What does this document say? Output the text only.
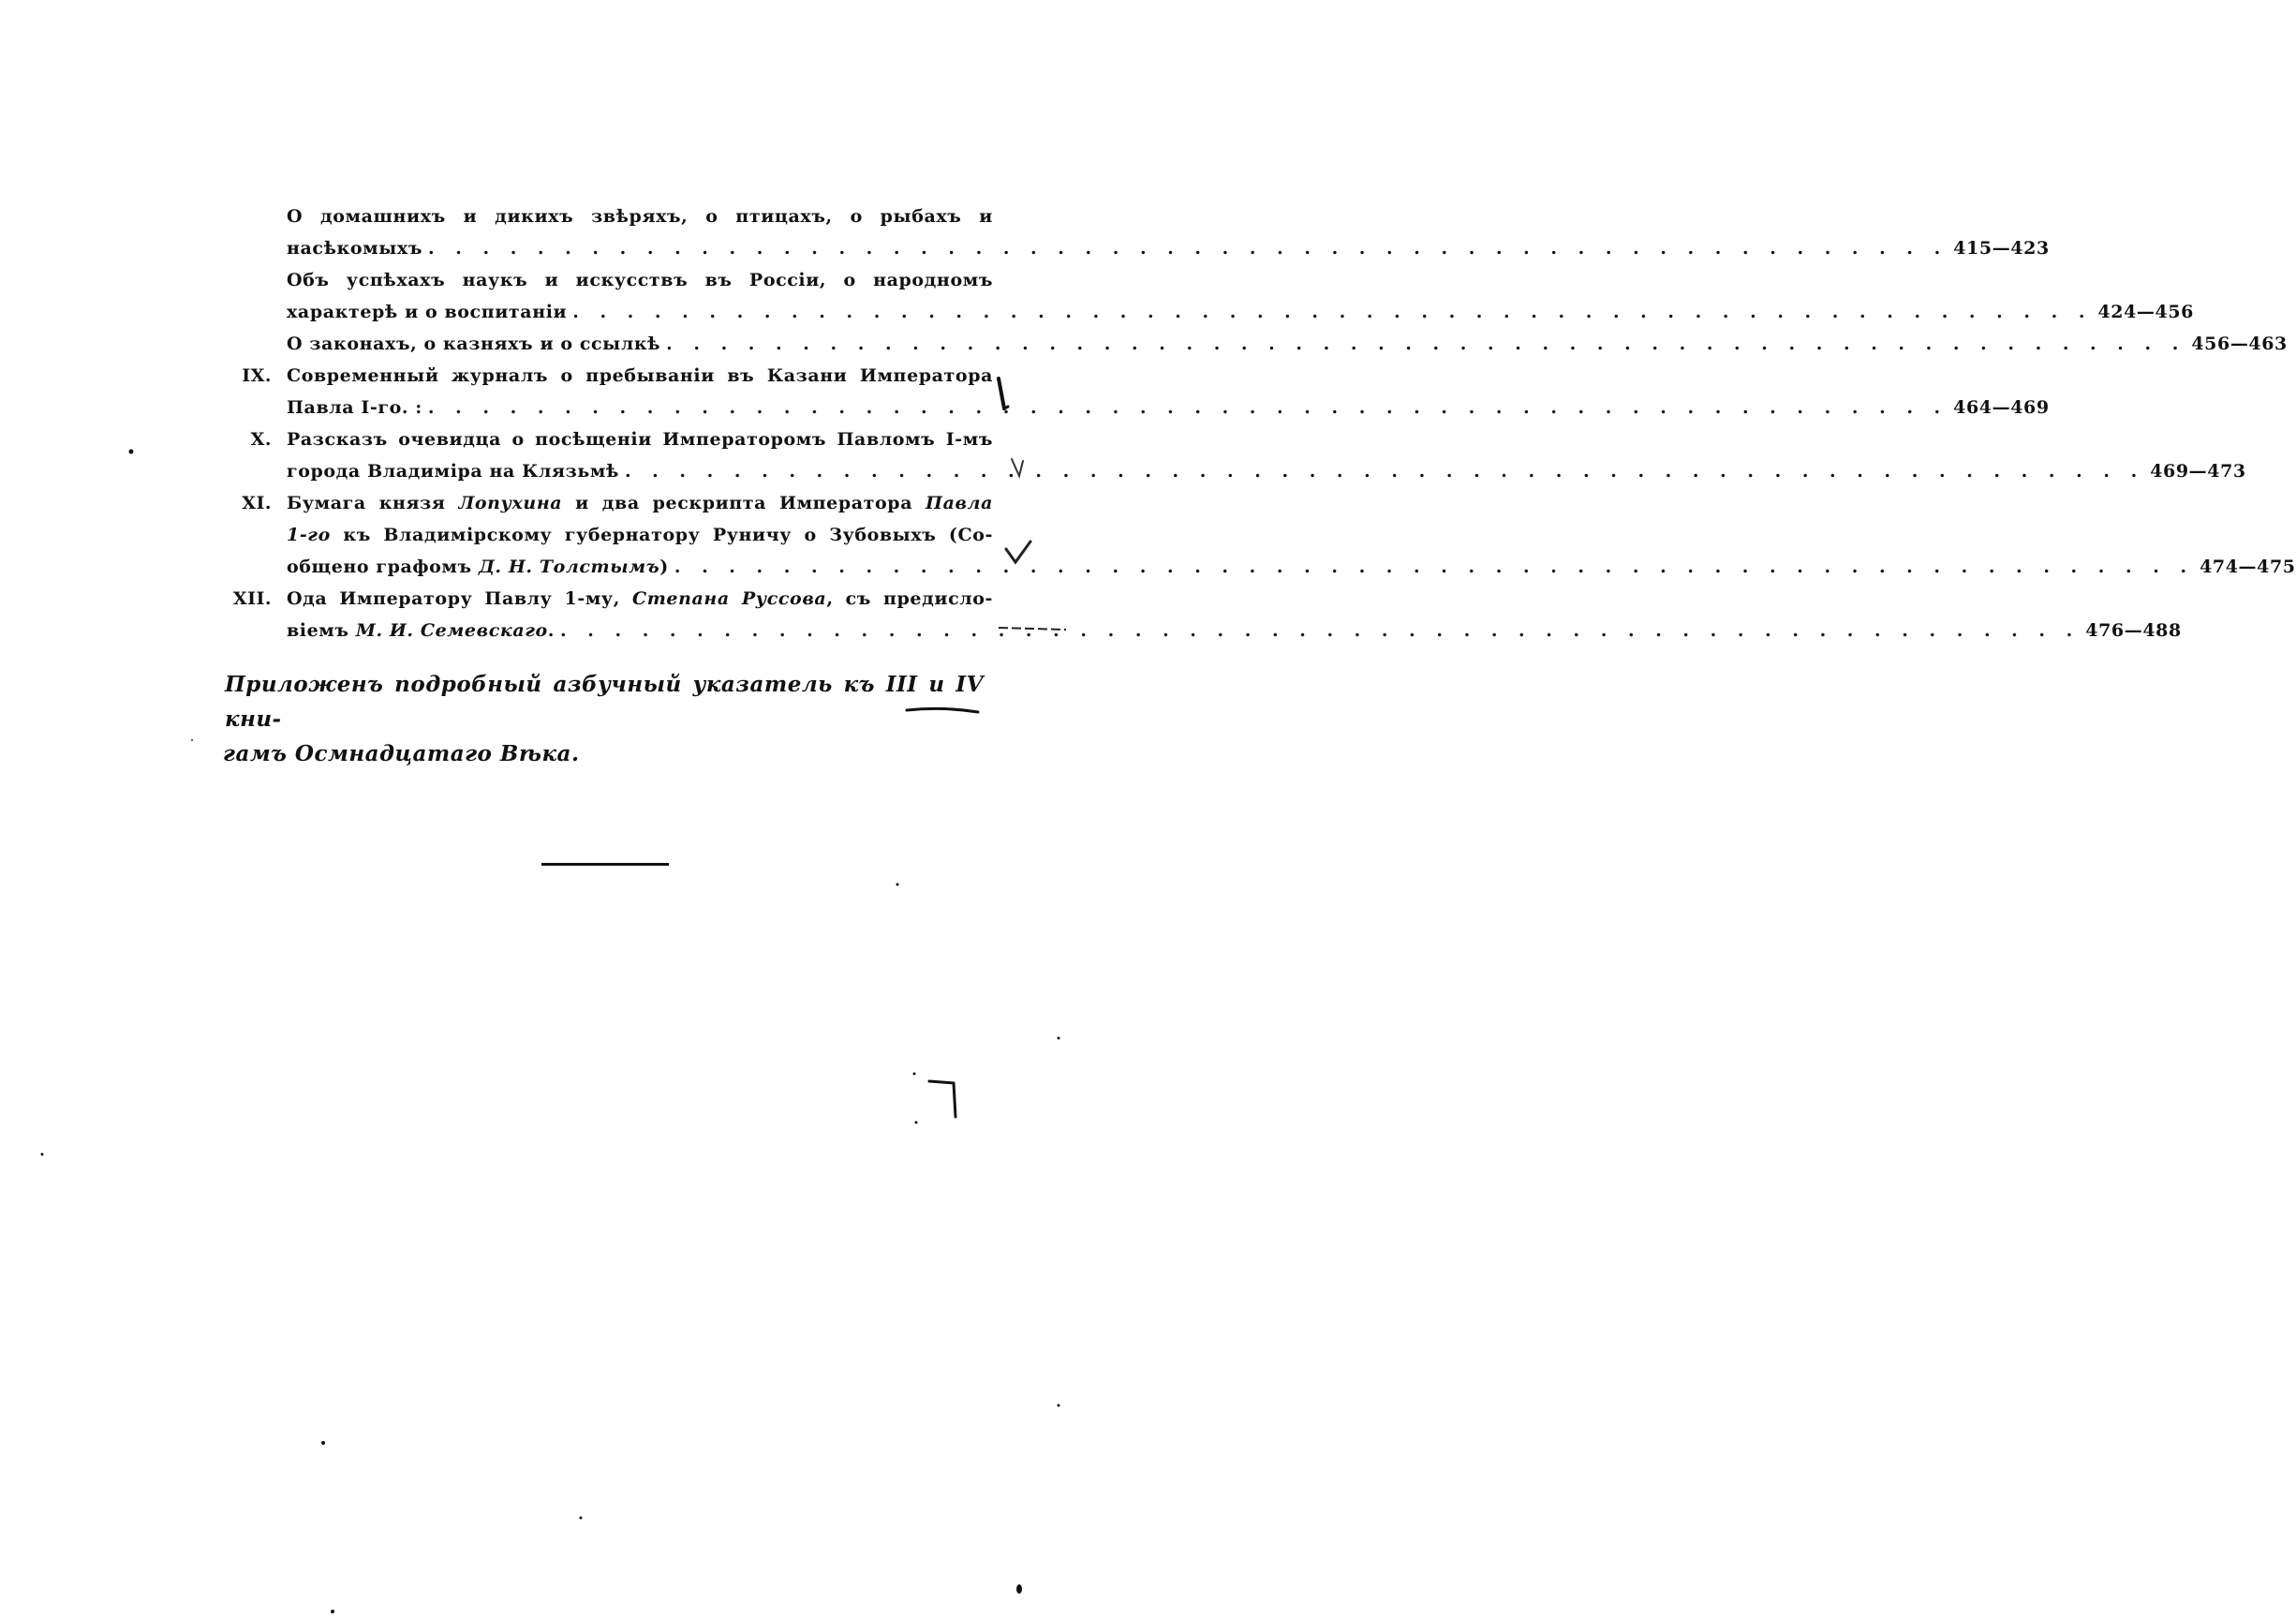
О домашнихъ и дикихъ звѣряхъ, о птицахъ, о рыбахъ и
насѣкомыхъ . . . . . . . . . . . . . . . . . . . . . . . . . . . . . . . . . . . . . . . . . . . . . . . . . . . . . . . . 415—423
Объ успѣхахъ наукъ и искусствъ въ Россіи, о народномъ
характерѣ и о воспитаніи . . . . . . . . . . . . . . . . . . . . . . . . . . . . . . . . . . . . . . . . . . . . . . . . . . . . . . . . 424—456
О законахъ, о казняхъ и о ссылкѣ . . . . . . . . . . . . . . . . . . . . . . . . . . . . . . . . . . . . . . . . . . . . . . . . . . . . . . . . 456—463
IX. Современный журналъ о пребываніи въ Казани Императора
Павла I-го. : . . . . . . . . . . . . . . . . . . . . . . . . . . . . . . . . . . . . . . . . . . . . . . . . . . . . . . . . 464—469
X. Разсказъ очевидца о посѣщеніи Императоромъ Павломъ I-мъ
города Владиміра на Клязьмѣ . . . . . . . . . . . . . . . . . . . . . . . . . . . . . . . . . . . . . . . . . . . . . . . . . . . . . . . . 469—473
XI. Бумага князя Лопухина и два рескрипта Императора Павла
1-го къ Владимірскому губернатору Руничу о Зубовыхъ (Со-
общено графомъ Д. Н. Толстымъ) . . . . . . . . . . . . . . . . . . . . . . . . . . . . . . . . . . . . . . . . . . . . . . . . . . . . . . . . 474—475
XII. Ода Императору Павлу 1-му, Степана Руссова, съ предисло-
віемъ М. И. Семевскаго. . . . . . . . . . . . . . . . . . . . . . . . . . . . . . . . . . . . . . . . . . . . . . . . . . . . . . . . . 476—488
Приложенъ подробный азбучный указатель къ III и IV кни-
гамъ Осмнадцатаго Вѣка.
